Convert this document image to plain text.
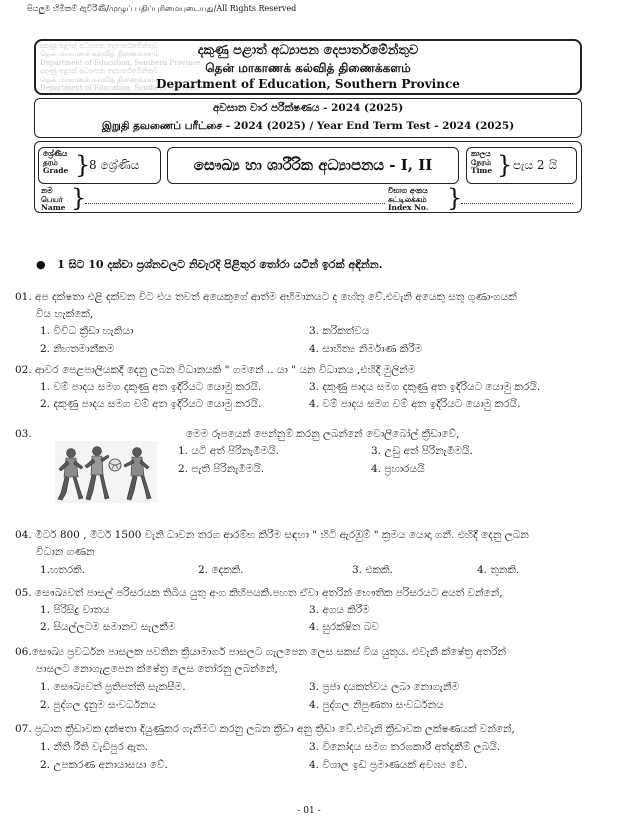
සියලුම හිමිකම් ඇවිරිණි/முழுப் பதிப்புரிமையுடையது/All Rights Reserved
දකුණු පළාත් අධ්‍යාපන දෙපාර්තමේන්තුව
தென் மாகாணக் கல்வித் திணைக்களம்
Department of Education, Southern Province
දකුණු පළාත් අධ්‍යාපන දෙපාර්තමේන්තුව
தென் மாகாணக் கல்வித் திணைக்களம்
Department of Education, Southern Province
දකුණු පළාත් අධ්‍යාපන දෙපාර්තමේන්තුව
தென் மாகாணக் கல்வித் திணைக்களம்
Department of Education, Southern Province
අවසාන වාර පරීක්ෂණය - 2024 (2025)
இறுதி தவணைப் பரீட்சை - 2024 (2025) / Year End Term Test - 2024 (2025)
ශ්‍රේණිය
தரம்
Grade }
8 ශ්‍රේණිය	සෞඛ්‍ය හා ශාරීරික අධ්‍යාපනය - I, II
කාලය
நேரம்
Time } පැය 2 යි
නම
பெயர்
Name }	විභාග අංකය
சுட்டிலக்கம்
Index No. }
●   1 සිට 10 දක්වා ප්‍රශ්නවලට නිවැරදි පිළිතුර තෝරා යටින් ඉරක් අඳින්න.
01. අප දක්ෂතා එළි දක්වන විට එය තවත් අයෙකුගේ ආත්ම අභිමානයට ද හේතු වේ.එවැනි අයෙකු සතු ගුණාංගයක්
විය හැක්කේ,
1. විවිධ ක්‍රීඩා හැකියා	3. කරිකත්වය
2. නිහතමානීකම	4. සාහිත්‍ය නිර්මාණ කිරීම
02. ආවර පෙළපාලියකදී දෙනු ලබන විධානයකි " ගමනේ .. යා " යන විධානය ,එහිදී මුලින්ම
1. වම් පාදය සමග දකුණු අත ඉදිරියට යොමු කරයි.	3. දකුණු පාදය සමග දකුණු අත ඉදිරියට යොමු කරයි.
2. දකුණු පාදය සමග වම් අත ඉදිරියට යොමු කරයි.	4. වම් පාදය සමග වම් අත ඉදිරියට යොමු කරයි.
03.	මෙම රූපයෙන් පෙන්නුම් කරනු ලබන්නේ වොලිබෝල් ක්‍රීඩාවේ,
1. යටි අත් පිරිනැමීමයි.	3. උඩු අත් පිරිනැමීමයි.
2. පැති පිරිනැමීමයි.	4. ප්‍රහාරයයි
04. මීටර් 800 , මීටර් 1500 වැනි ධාවන තරග ආරම්භ කිරීම සඳහා " හිටි ඇරඹුම් " ක්‍රමය යොදා ගනී. එහිදී දෙනු ලබන
විධාන ගණන
1.හතරකි.	2. දෙකකි.	3. එකකි.	4. තුනකි.
05. සෞඛ්‍යවත් පාසල් පරිසරයක තිබිය යුතු අංග කිහිපයකි.පහත ඒවා අතරින් භෞතික පරිසරයට අයත් වන්නේ,
1. පිරිසිදු වාතය	3. අගය කිරීම
2. සියල්ලටම සමානව සැලකීම	4. සුරක්ෂිත බව
06.සෞඛ්‍ය ප්‍රවර්ධන පාසලක පවතින ක්‍රියාමාර්ග පාසලට ගැලපෙන ලෙස සකස් විය යුතුය. එවැනි ක්ෂේත්‍ර අතරින්
පාසලට නොගැළපෙන ක්ෂේත්‍ර ලෙස තෝරනු ලබන්නේ,
1. සෞඛ්‍යවත් ප්‍රතිපත්ති සැකසීම.	3. ප්‍රජා දායකත්වය ලබා නොගැනීම
2. පුද්ගල දැනුම සංවර්ධනය	4. පුද්ගල නිපුණතා සංවර්ධනය
07. ප්‍රධාන ක්‍රීඩාවක දක්ෂතා දියුණුකර ගැනීමට කරනු ලබන ක්‍රීඩා අනු ක්‍රීඩා වේ.එවැනි ක්‍රීඩාවක ලක්ෂණයක් වන්නේ,
1. නීති රීති වැඩිපුර ඇත.	3. විනෝදය සමග තරගකාරී අත්දැකීම් ලබයි.
2. උපකරණ අනායාසයා වේ.	4. විශාල ඉඩ ප්‍රමාණයක් අවශ්‍ය වේ.
- 01 -
